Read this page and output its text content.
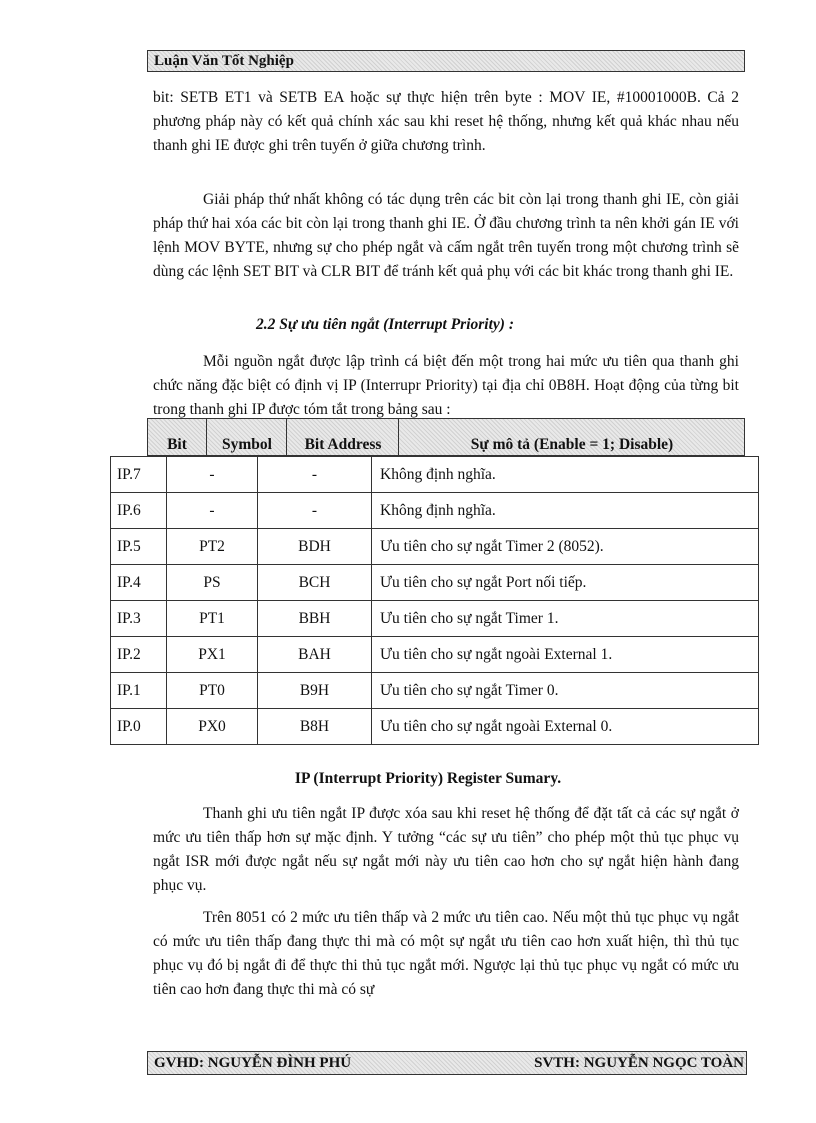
Luận Văn Tốt Nghiệp

bit: SETB ET1 và SETB EA hoặc sự thực hiện trên byte : MOV IE, #10001000B. Cả 2 phương pháp này có kết quả chính xác sau khi reset hệ thống, nhưng kết quả khác nhau nếu thanh ghi IE được ghi trên tuyến ở giữa chương trình.

Giải pháp thứ nhất không có tác dụng trên các bit còn lại trong thanh ghi IE, còn giải pháp thứ hai xóa các bit còn lại trong thanh ghi IE. Ở đầu chương trình ta nên khởi gán IE với lệnh MOV BYTE, nhưng sự cho phép ngắt và cấm ngắt trên tuyến trong một chương trình sẽ dùng các lệnh SET BIT và CLR BIT để tránh kết quả phụ với các bit khác trong thanh ghi IE.

2.2 Sự ưu tiên ngắt (Interrupt Priority) :

Mỗi nguồn ngắt được lập trình cá biệt đến một trong hai mức ưu tiên qua thanh ghi chức năng đặc biệt có định vị IP (Interrupr Priority) tại địa chỉ 0B8H. Hoạt động của từng bit trong thanh ghi IP được tóm tắt trong bảng sau :

Bit	Symbol	Bit Address	Sự mô tả (Enable = 1; Disable)
IP.7	-	-	Không định nghĩa.
IP.6	-	-	Không định nghĩa.
IP.5	PT2	BDH	Ưu tiên cho sự ngắt Timer 2 (8052).
IP.4	PS	BCH	Ưu tiên cho sự ngắt Port nối tiếp.
IP.3	PT1	BBH	Ưu tiên cho sự ngắt Timer 1.
IP.2	PX1	BAH	Ưu tiên cho sự ngắt ngoài External 1.
IP.1	PT0	B9H	Ưu tiên cho sự ngắt Timer 0.
IP.0	PX0	B8H	Ưu tiên cho sự ngắt ngoài External 0.
IP (Interrupt Priority) Register Sumary.

Thanh ghi ưu tiên ngắt IP được xóa sau khi reset hệ thống để đặt tất cả các sự ngắt ở mức ưu tiên thấp hơn sự mặc định. Y tưởng “các sự ưu tiên” cho phép một thủ tục phục vụ ngắt ISR mới được ngắt nếu sự ngắt mới này ưu tiên cao hơn cho sự ngắt hiện hành đang phục vụ.

Trên 8051 có 2 mức ưu tiên thấp và 2 mức ưu tiên cao. Nếu một thủ tục phục vụ ngắt có mức ưu tiên thấp đang thực thi mà có một sự ngắt ưu tiên cao hơn xuất hiện, thì thủ tục phục vụ đó bị ngắt đi để thực thi thủ tục ngắt mới. Ngược lại thủ tục phục vụ ngắt có mức ưu tiên cao hơn đang thực thi mà có sự

GVHD: NGUYỄN ĐÌNH PHÚ	SVTH: NGUYỄN NGỌC TOÀN
